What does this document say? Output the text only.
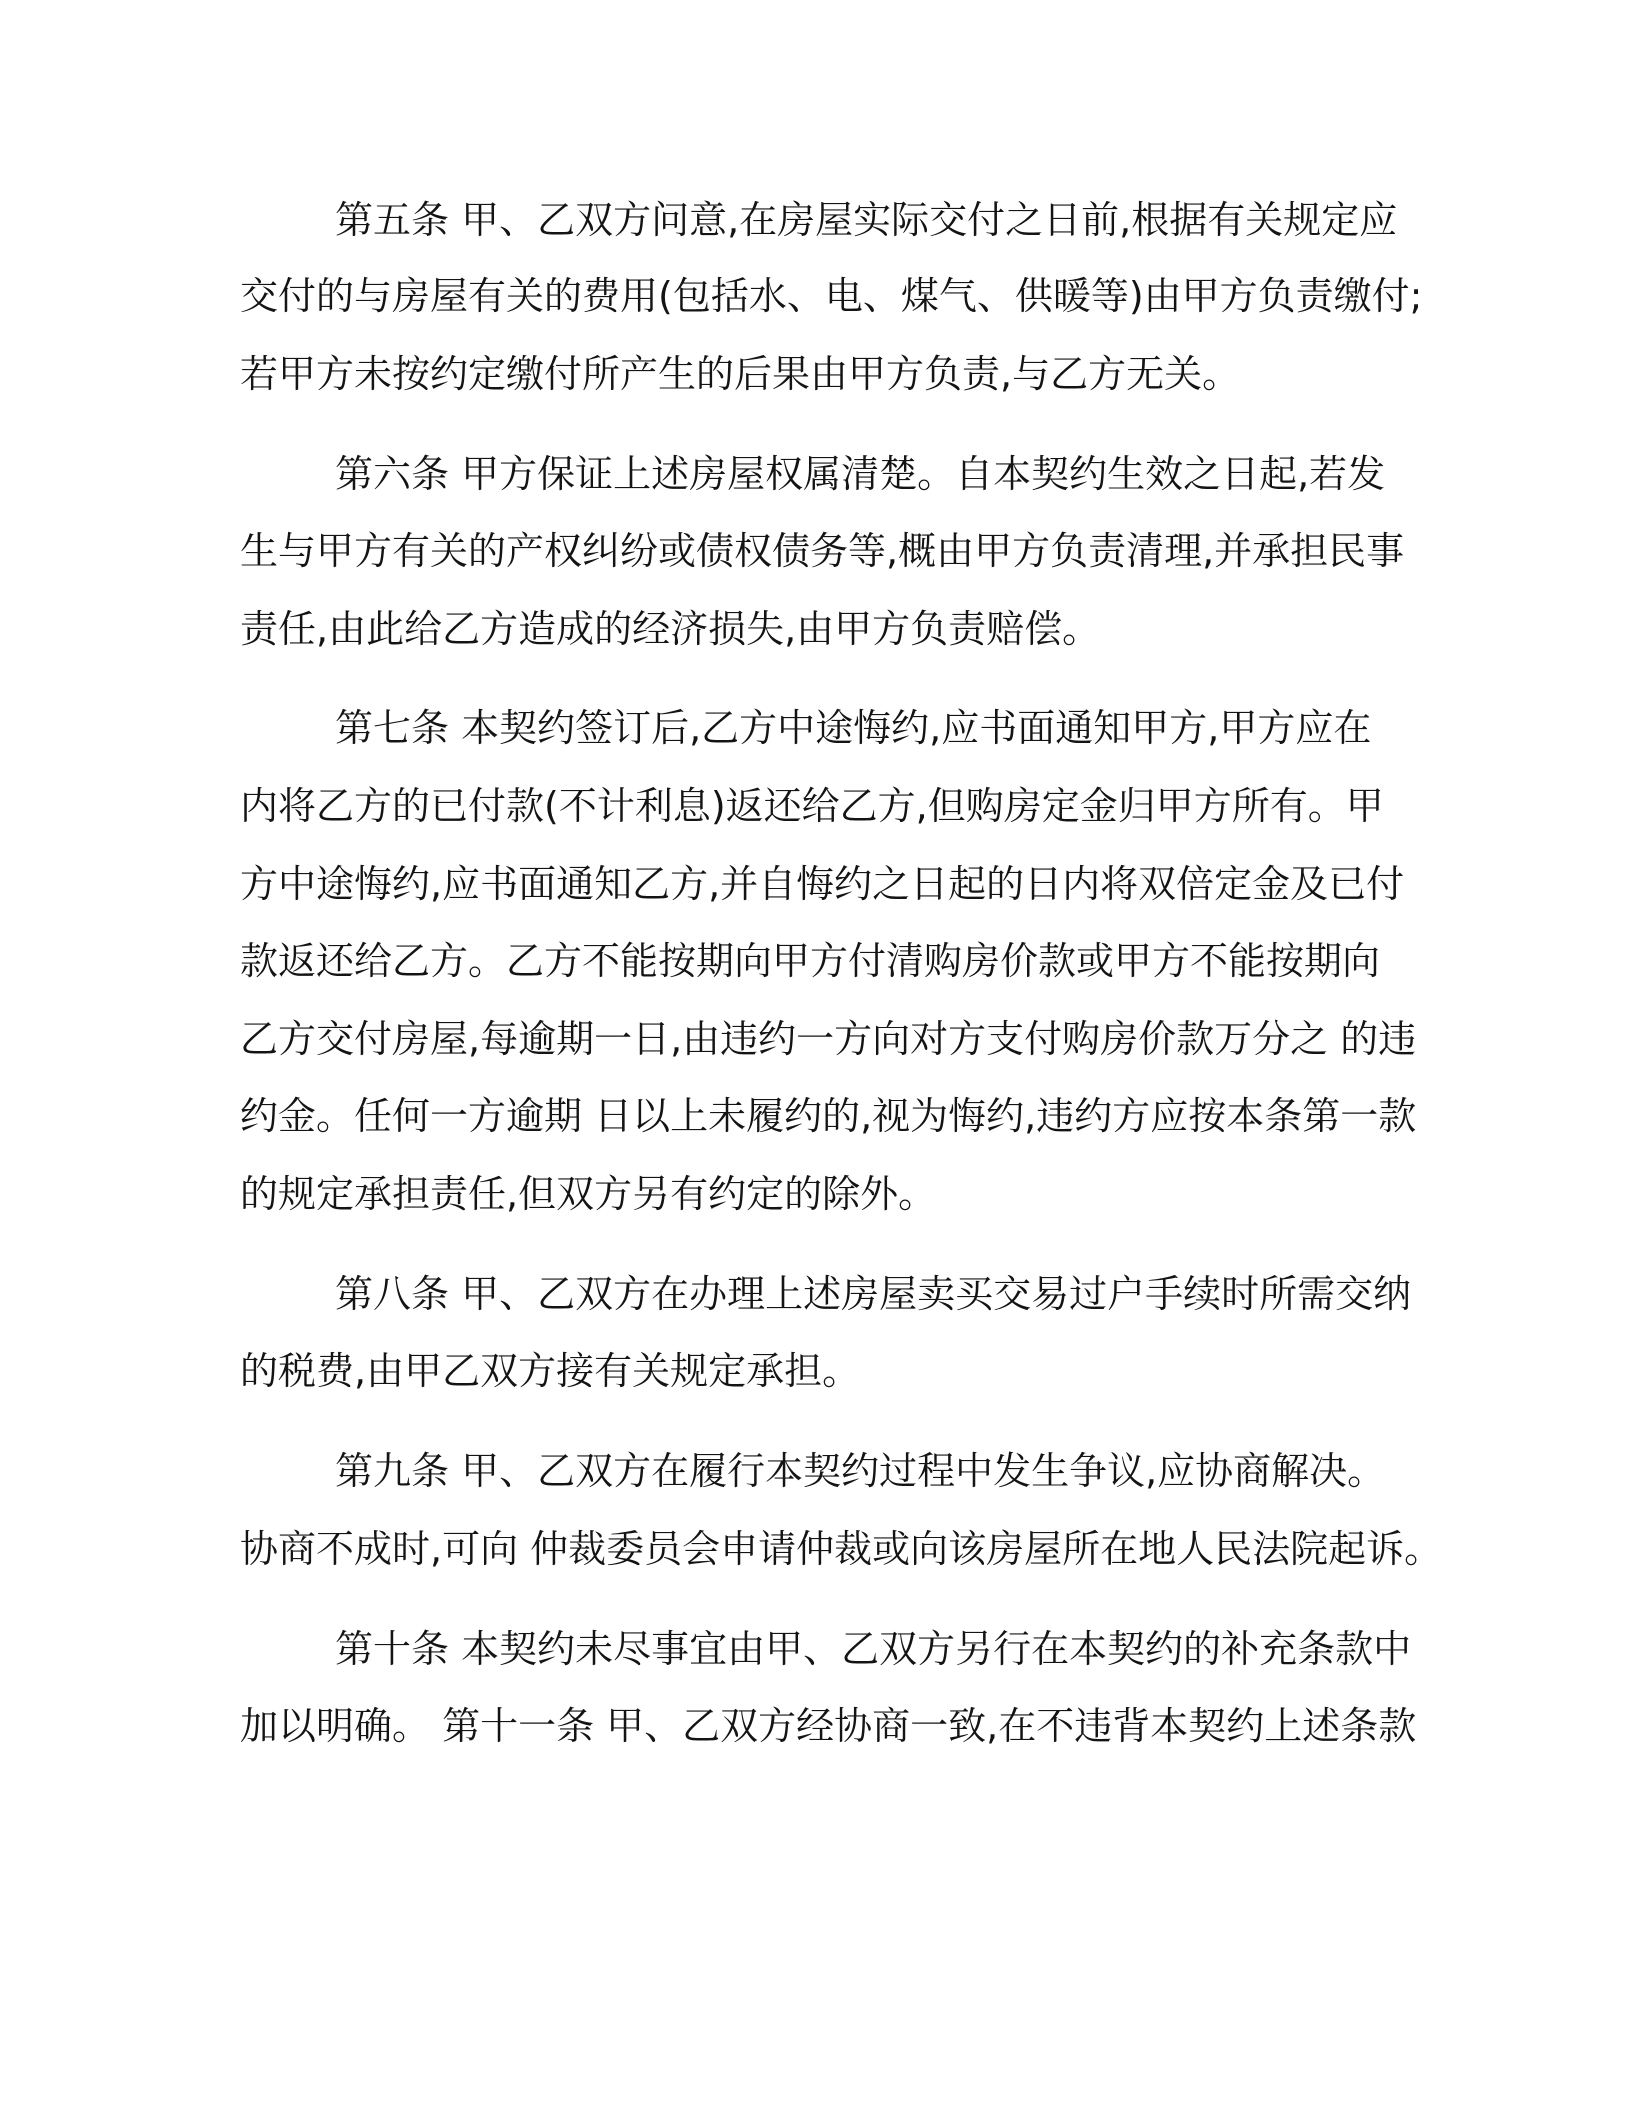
第五条 甲、乙双方问意,在房屋实际交付之日前,根据有关规定应
交付的与房屋有关的费用(包括水、电、煤气、供暖等)由甲方负责缴付;
若甲方未按约定缴付所产生的后果由甲方负责,与乙方无关。
第六条 甲方保证上述房屋权属清楚。自本契约生效之日起,若发
生与甲方有关的产权纠纷或债权债务等,概由甲方负责清理,并承担民事
责任,由此给乙方造成的经济损失,由甲方负责赔偿。
第七条 本契约签订后,乙方中途悔约,应书面通知甲方,甲方应在
内将乙方的已付款(不计利息)返还给乙方,但购房定金归甲方所有。甲
方中途悔约,应书面通知乙方,并自悔约之日起的日内将双倍定金及已付
款返还给乙方。乙方不能按期向甲方付清购房价款或甲方不能按期向
乙方交付房屋,每逾期一日,由违约一方向对方支付购房价款万分之 的违
约金。任何一方逾期 日以上未履约的,视为悔约,违约方应按本条第一款
的规定承担责任,但双方另有约定的除外。
第八条 甲、乙双方在办理上述房屋卖买交易过户手续时所需交纳
的税费,由甲乙双方接有关规定承担。
第九条 甲、乙双方在履行本契约过程中发生争议,应协商解决。
协商不成时,可向 仲裁委员会申请仲裁或向该房屋所在地人民法院起诉。
第十条 本契约未尽事宜由甲、乙双方另行在本契约的补充条款中
加以明确。 第十一条 甲、乙双方经协商一致,在不违背本契约上述条款
